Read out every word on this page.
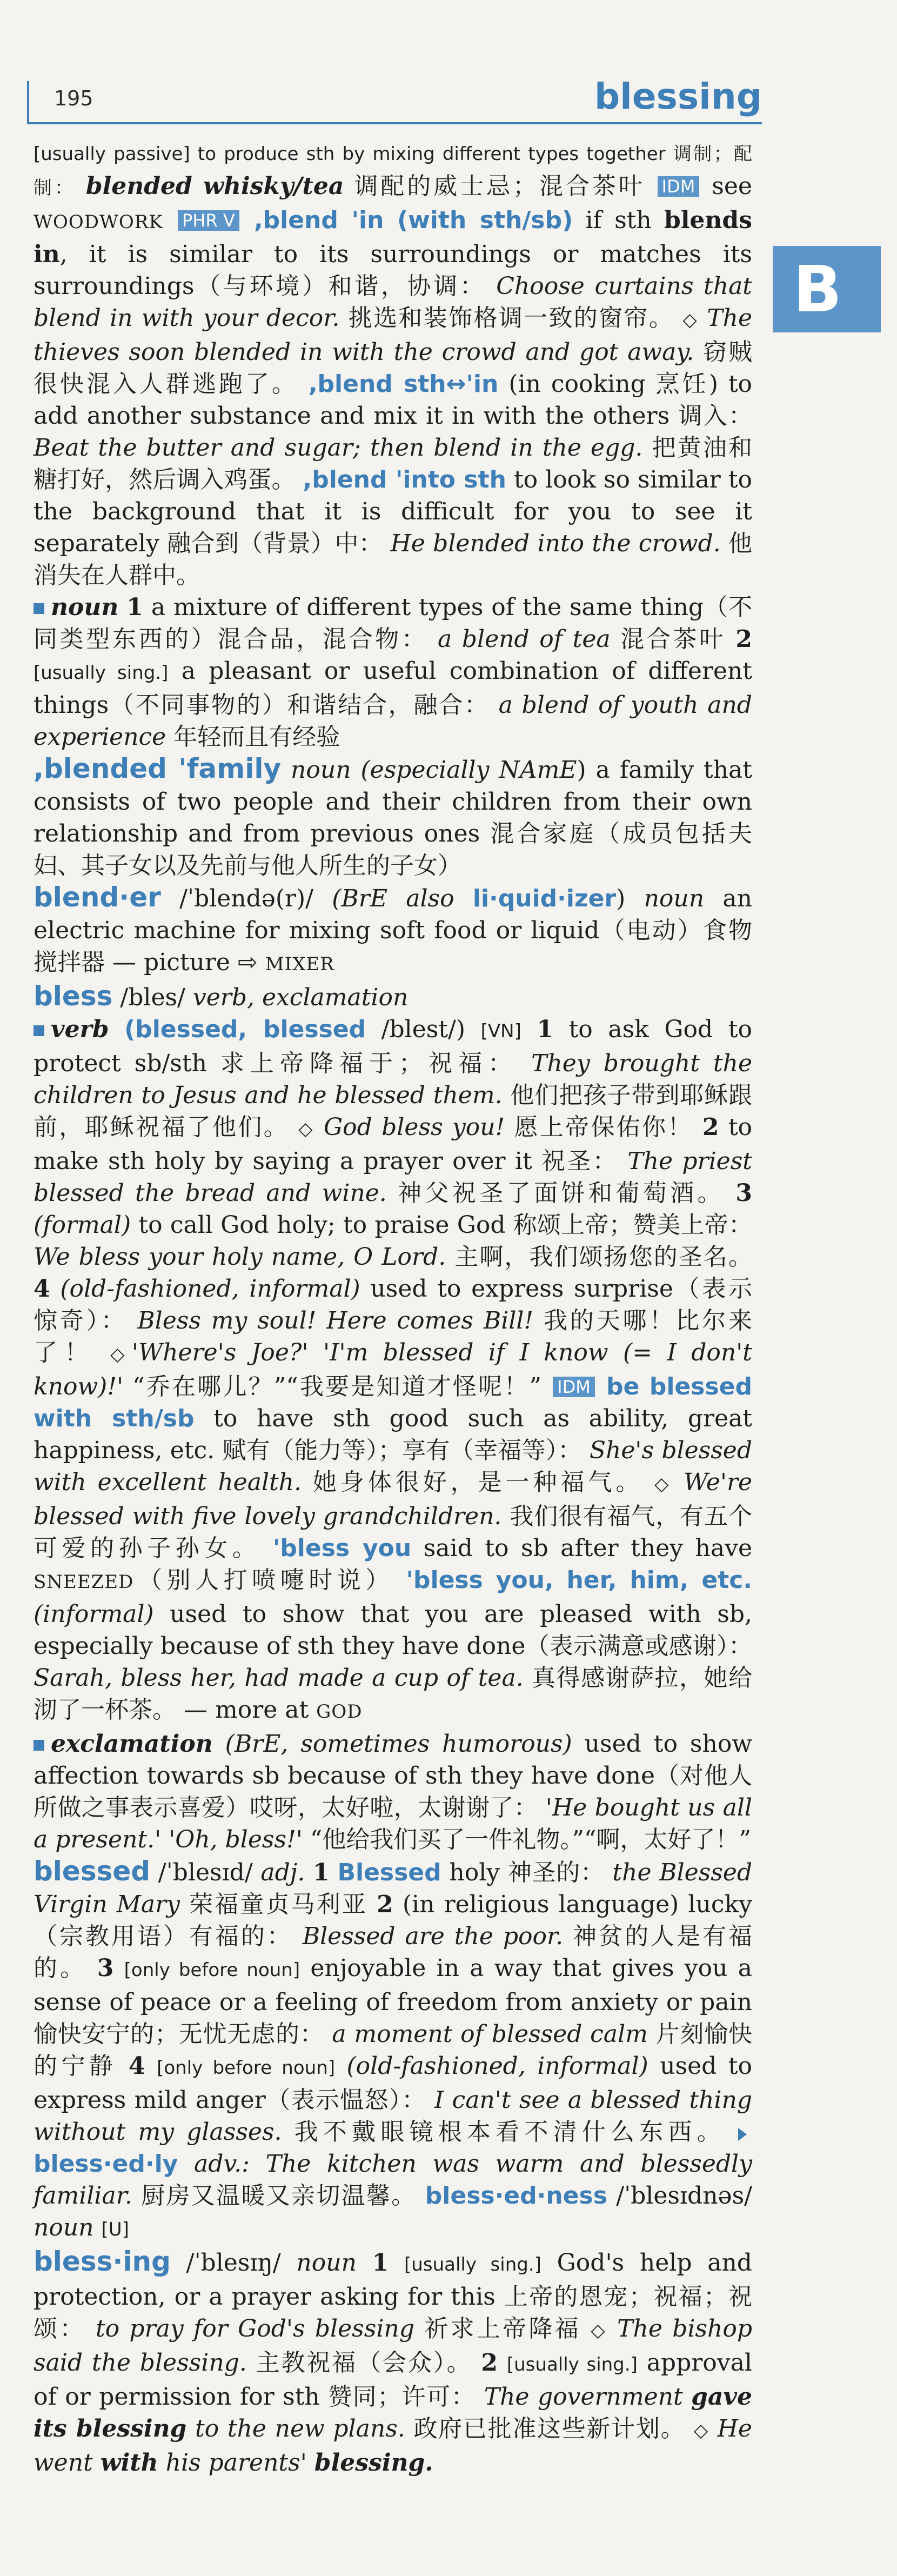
195	blessing
B

[usually passive] to produce sth by mixing different types together 调制；配制： blended whisky/tea 调配的威士忌；混合茶叶 IDM see WOODWORK PHR V ,blend 'in (with sth/sb) if sth blends in, it is similar to its surroundings or matches its surroundings（与环境）和谐，协调： Choose curtains that blend in with your decor. 挑选和装饰格调一致的窗帘。 ◇ The thieves soon blended in with the crowd and got away. 窃贼很快混入人群逃跑了。 ,blend sth↔'in (in cooking 烹饪) to add another substance and mix it in with the others 调入： Beat the butter and sugar; then blend in the egg. 把黄油和糖打好，然后调入鸡蛋。 ,blend 'into sth to look so similar to the background that it is difficult for you to see it separately 融合到（背景）中： He blended into the crowd. 他消失在人群中。

noun 1 a mixture of different types of the same thing（不同类型东西的）混合品，混合物： a blend of tea 混合茶叶 2 [usually sing.] a pleasant or useful combination of different things（不同事物的）和谐结合，融合： a blend of youth and experience 年轻而且有经验

,blended 'family noun (especially NAmE) a family that consists of two people and their children from their own relationship and from previous ones 混合家庭（成员包括夫妇、其子女以及先前与他人所生的子女）

blend·er /ˈblendə(r)/ (BrE also li·quid·izer) noun an electric machine for mixing soft food or liquid（电动）食物搅拌器 — picture ⇨ MIXER

bless /bles/ verb, exclamation

verb (blessed, blessed /blest/) [VN] 1 to ask God to protect sb/sth 求上帝降福于；祝福： They brought the children to Jesus and he blessed them. 他们把孩子带到耶稣跟前，耶稣祝福了他们。 ◇ God bless you! 愿上帝保佑你！ 2 to make sth holy by saying a prayer over it 祝圣： The priest blessed the bread and wine. 神父祝圣了面饼和葡萄酒。 3 (formal) to call God holy; to praise God 称颂上帝；赞美上帝： We bless your holy name, O Lord. 主啊，我们颂扬您的圣名。 4 (old-fashioned, informal) used to express surprise（表示惊奇）： Bless my soul! Here comes Bill! 我的天哪！比尔来了！ ◇'Where's Joe?' 'I'm blessed if I know (= I don't know)!' “乔在哪儿？”“我要是知道才怪呢！” IDM be blessed with sth/sb to have sth good such as ability, great happiness, etc. 赋有（能力等）；享有（幸福等）： She's blessed with excellent health. 她身体很好，是一种福气。 ◇ We're blessed with five lovely grandchildren. 我们很有福气，有五个可爱的孙子孙女。 'bless you said to sb after they have SNEEZED（别人打喷嚏时说） 'bless you, her, him, etc. (informal) used to show that you are pleased with sb, especially because of sth they have done（表示满意或感谢）： Sarah, bless her, had made a cup of tea. 真得感谢萨拉，她给沏了一杯茶。 — more at GOD

exclamation (BrE, sometimes humorous) used to show affection towards sb because of sth they have done（对他人所做之事表示喜爱）哎呀，太好啦，太谢谢了： 'He bought us all a present.' 'Oh, bless!' “他给我们买了一件礼物。”“啊，太好了！”

blessed /ˈblesɪd/ adj. 1 Blessed holy 神圣的： the Blessed Virgin Mary 荣福童贞马利亚 2 (in religious language) lucky（宗教用语）有福的： Blessed are the poor. 神贫的人是有福的。 3 [only before noun] enjoyable in a way that gives you a sense of peace or a feeling of freedom from anxiety or pain 愉快安宁的；无忧无虑的： a moment of blessed calm 片刻愉快的宁静 4 [only before noun] (old-fashioned, informal) used to express mild anger（表示愠怒）： I can't see a blessed thing without my glasses. 我不戴眼镜根本看不清什么东西。 bless·ed·ly adv.: The kitchen was warm and blessedly familiar. 厨房又温暖又亲切温馨。 bless·ed·ness /ˈblesɪdnəs/ noun [U]

bless·ing /ˈblesɪŋ/ noun 1 [usually sing.] God's help and protection, or a prayer asking for this 上帝的恩宠；祝福；祝颂： to pray for God's blessing 祈求上帝降福 ◇ The bishop said the blessing. 主教祝福（会众）。 2 [usually sing.] approval of or permission for sth 赞同；许可： The government gave its blessing to the new plans. 政府已批准这些新计划。 ◇ He went with his parents' blessing.
